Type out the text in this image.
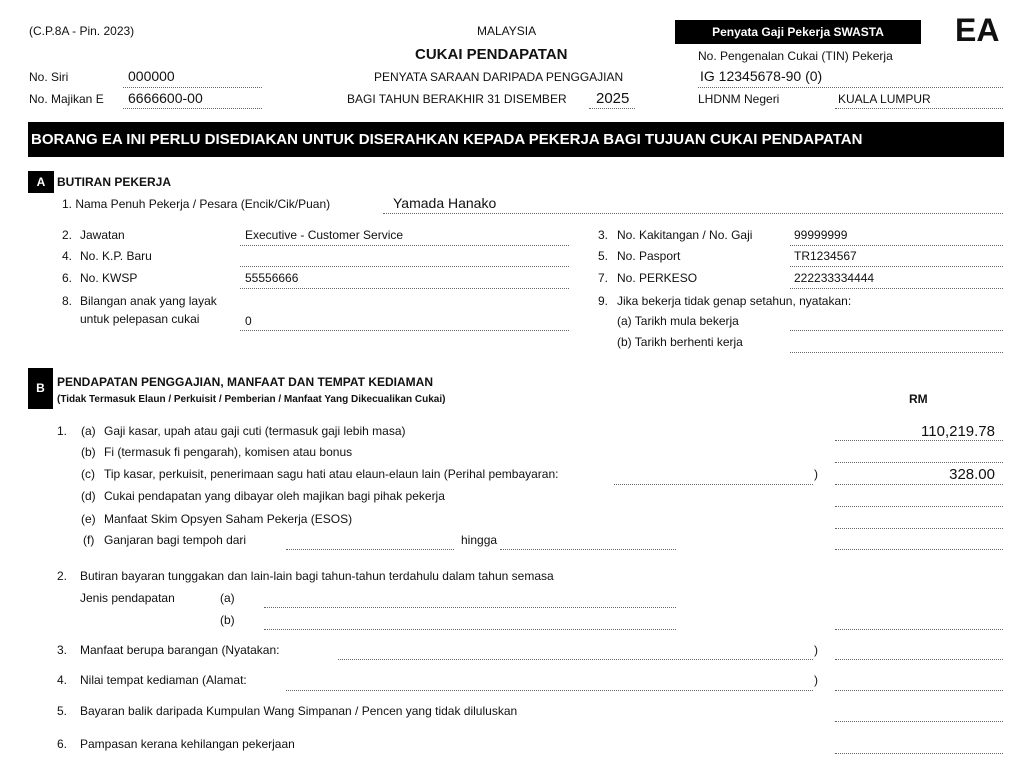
(C.P.8A - Pin. 2023)	MALAYSIA
CUKAI PENDAPATAN
PENYATA SARAAN DARIPADA PENGGAJIAN
BAGI TAHUN BERAKHIR 31 DISEMBER 2025
Penyata Gaji Pekerja SWASTA	EA
No. Siri	000000
No. Majikan E 6666600-00
No. Pengenalan Cukai (TIN) Pekerja
IG 12345678-90 (0)
LHDNM Negeri	KUALA LUMPUR
BORANG EA INI PERLU DISEDIAKAN UNTUK DISERAHKAN KEPADA PEKERJA BAGI TUJUAN CUKAI PENDAPATAN
A BUTIRAN PEKERJA
1. Nama Penuh Pekerja / Pesara (Encik/Cik/Puan)	Yamada Hanako
2. Jawatan	Executive - Customer Service
4. No. K.P. Baru
6. No. KWSP	55556666
8. Bilangan anak yang layak
untuk pelepasan cukai	0
3. No. Kakitangan / No. Gaji	99999999
5. No. Pasport	TR1234567
7. No. PERKESO	222233334444
9. Jika bekerja tidak genap setahun, nyatakan:
(a) Tarikh mula bekerja
(b) Tarikh berhenti kerja
B	PENDAPATAN PENGGAJIAN, MANFAAT DAN TEMPAT KEDIAMAN
(Tidak Termasuk Elaun / Perkuisit / Pemberian / Manfaat Yang Dikecualikan Cukai)	RM
1. (a) Gaji kasar, upah atau gaji cuti (termasuk gaji lebih masa)	110,219.78
(b) Fi (termasuk fi pengarah), komisen atau bonus
(c) Tip kasar, perkuisit, penerimaan sagu hati atau elaun-elaun lain (Perihal pembayaran:	)	328.00
(d) Cukai pendapatan yang dibayar oleh majikan bagi pihak pekerja
(e) Manfaat Skim Opsyen Saham Pekerja (ESOS)
(f) Ganjaran bagi tempoh dari	hingga
2. Butiran bayaran tunggakan dan lain-lain bagi tahun-tahun terdahulu dalam tahun semasa
Jenis pendapatan	(a)
(b)
3. Manfaat berupa barangan (Nyatakan:	)
4. Nilai tempat kediaman (Alamat:	)
5. Bayaran balik daripada Kumpulan Wang Simpanan / Pencen yang tidak diluluskan
6. Pampasan kerana kehilangan pekerjaan
